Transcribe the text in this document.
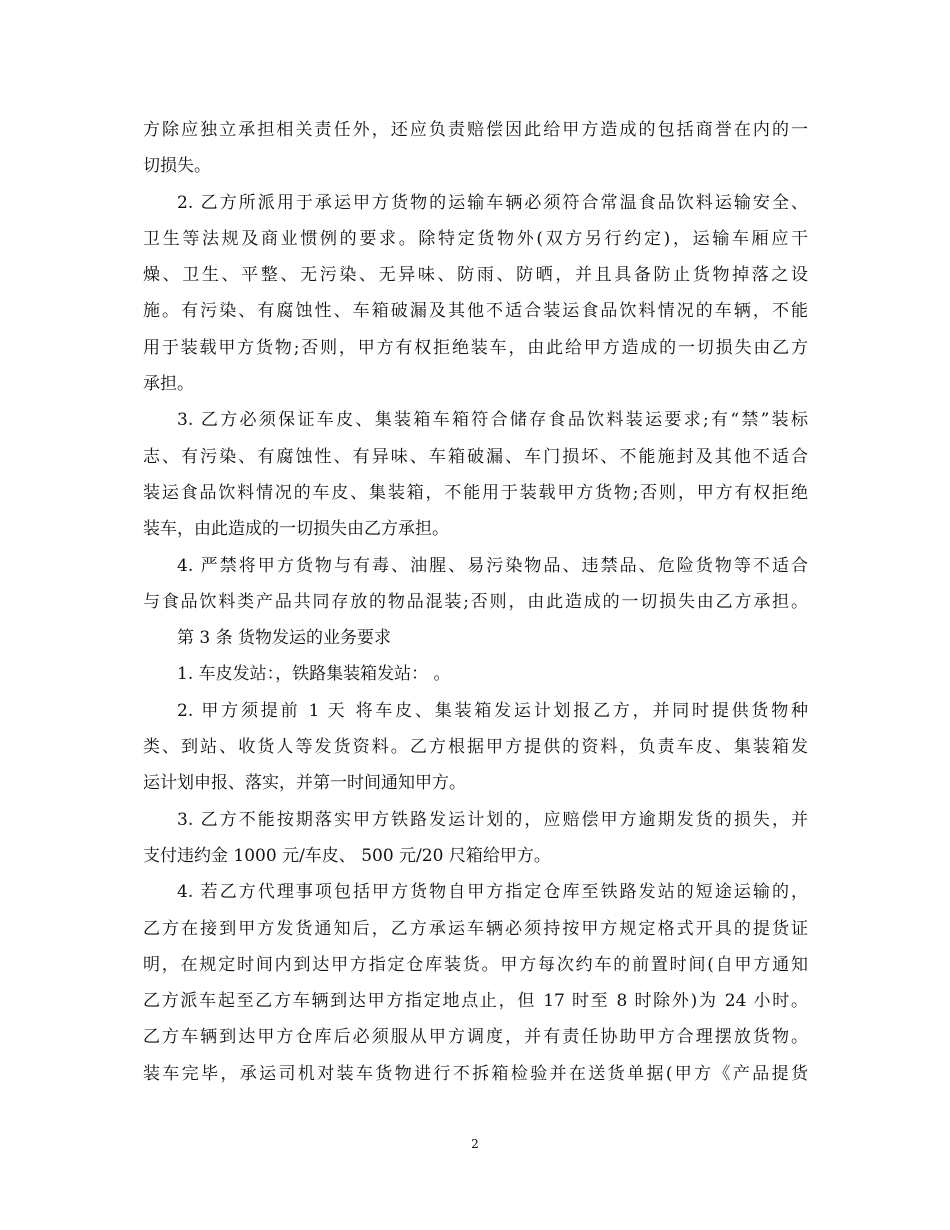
方除应独立承担相关责任外，还应负责赔偿因此给甲方造成的包括商誉在内的一
切损失。
2. 乙方所派用于承运甲方货物的运输车辆必须符合常温食品饮料运输安全、
卫生等法规及商业惯例的要求。除特定货物外(双方另行约定)，运输车厢应干
燥、卫生、平整、无污染、无异味、防雨、防晒，并且具备防止货物掉落之设
施。有污染、有腐蚀性、车箱破漏及其他不适合装运食品饮料情况的车辆，不能
用于装载甲方货物;否则，甲方有权拒绝装车，由此给甲方造成的一切损失由乙方
承担。
3. 乙方必须保证车皮、集装箱车箱符合储存食品饮料装运要求;有“禁”装标
志、有污染、有腐蚀性、有异味、车箱破漏、车门损坏、不能施封及其他不适合
装运食品饮料情况的车皮、集装箱，不能用于装载甲方货物;否则，甲方有权拒绝
装车，由此造成的一切损失由乙方承担。
4. 严禁将甲方货物与有毒、油腥、易污染物品、违禁品、危险货物等不适合
与食品饮料类产品共同存放的物品混装;否则，由此造成的一切损失由乙方承担。
第 3 条 货物发运的业务要求
1. 车皮发站：，铁路集装箱发站： 。
2. 甲方须提前 1 天 将车皮、集装箱发运计划报乙方，并同时提供货物种
类、到站、收货人等发货资料。乙方根据甲方提供的资料，负责车皮、集装箱发
运计划申报、落实，并第一时间通知甲方。
3. 乙方不能按期落实甲方铁路发运计划的，应赔偿甲方逾期发货的损失，并
支付违约金 1000 元/车皮、 500 元/20 尺箱给甲方。
4. 若乙方代理事项包括甲方货物自甲方指定仓库至铁路发站的短途运输的，
乙方在接到甲方发货通知后，乙方承运车辆必须持按甲方规定格式开具的提货证
明，在规定时间内到达甲方指定仓库装货。甲方每次约车的前置时间(自甲方通知
乙方派车起至乙方车辆到达甲方指定地点止，但 17 时至 8 时除外)为 24 小时。
乙方车辆到达甲方仓库后必须服从甲方调度，并有责任协助甲方合理摆放货物。
装车完毕，承运司机对装车货物进行不拆箱检验并在送货单据(甲方《产品提货
2
